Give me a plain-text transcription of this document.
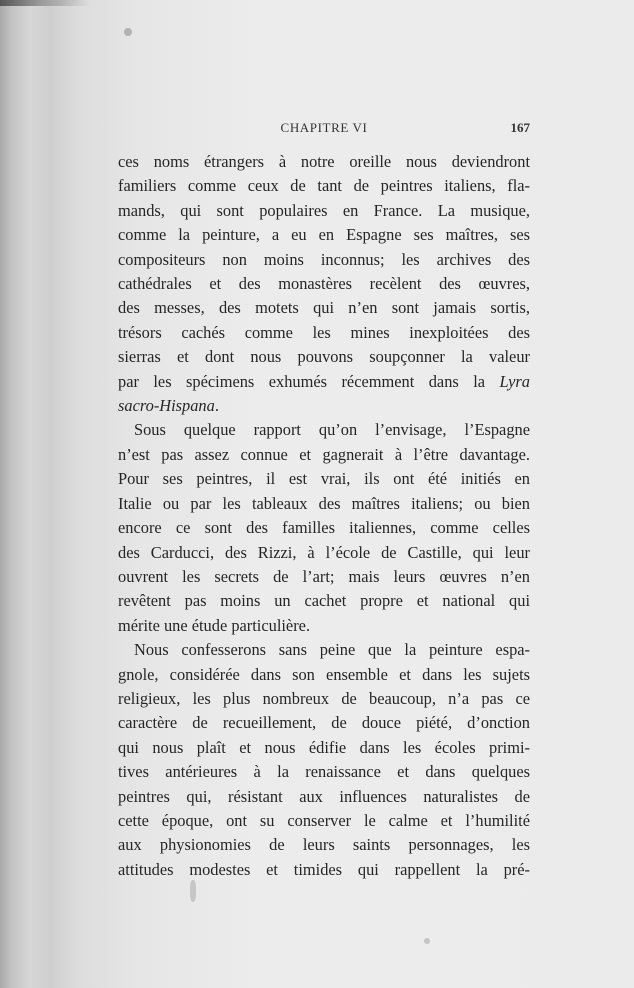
CHAPITRE VI	167

ces noms étrangers à notre oreille nous deviendront
familiers comme ceux de tant de peintres italiens, fla-
mands, qui sont populaires en France. La musique,
comme la peinture, a eu en Espagne ses maîtres, ses
compositeurs non moins inconnus; les archives des
cathédrales et des monastères recèlent des œuvres,
des messes, des motets qui n’en sont jamais sortis,
trésors cachés comme les mines inexploitées des
sierras et dont nous pouvons soupçonner la valeur
par les spécimens exhumés récemment dans la Lyra
sacro-Hispana.

Sous quelque rapport qu’on l’envisage, l’Espagne
n’est pas assez connue et gagnerait à l’être davantage.
Pour ses peintres, il est vrai, ils ont été initiés en
Italie ou par les tableaux des maîtres italiens; ou bien
encore ce sont des familles italiennes, comme celles
des Carducci, des Rizzi, à l’école de Castille, qui leur
ouvrent les secrets de l’art; mais leurs œuvres n’en
revêtent pas moins un cachet propre et national qui
mérite une étude particulière.

Nous confesserons sans peine que la peinture espa-
gnole, considérée dans son ensemble et dans les sujets
religieux, les plus nombreux de beaucoup, n’a pas ce
caractère de recueillement, de douce piété, d’onction
qui nous plaît et nous édifie dans les écoles primi-
tives antérieures à la renaissance et dans quelques
peintres qui, résistant aux influences naturalistes de
cette époque, ont su conserver le calme et l’humilité
aux physionomies de leurs saints personnages, les
attitudes modestes et timides qui rappellent la pré-
